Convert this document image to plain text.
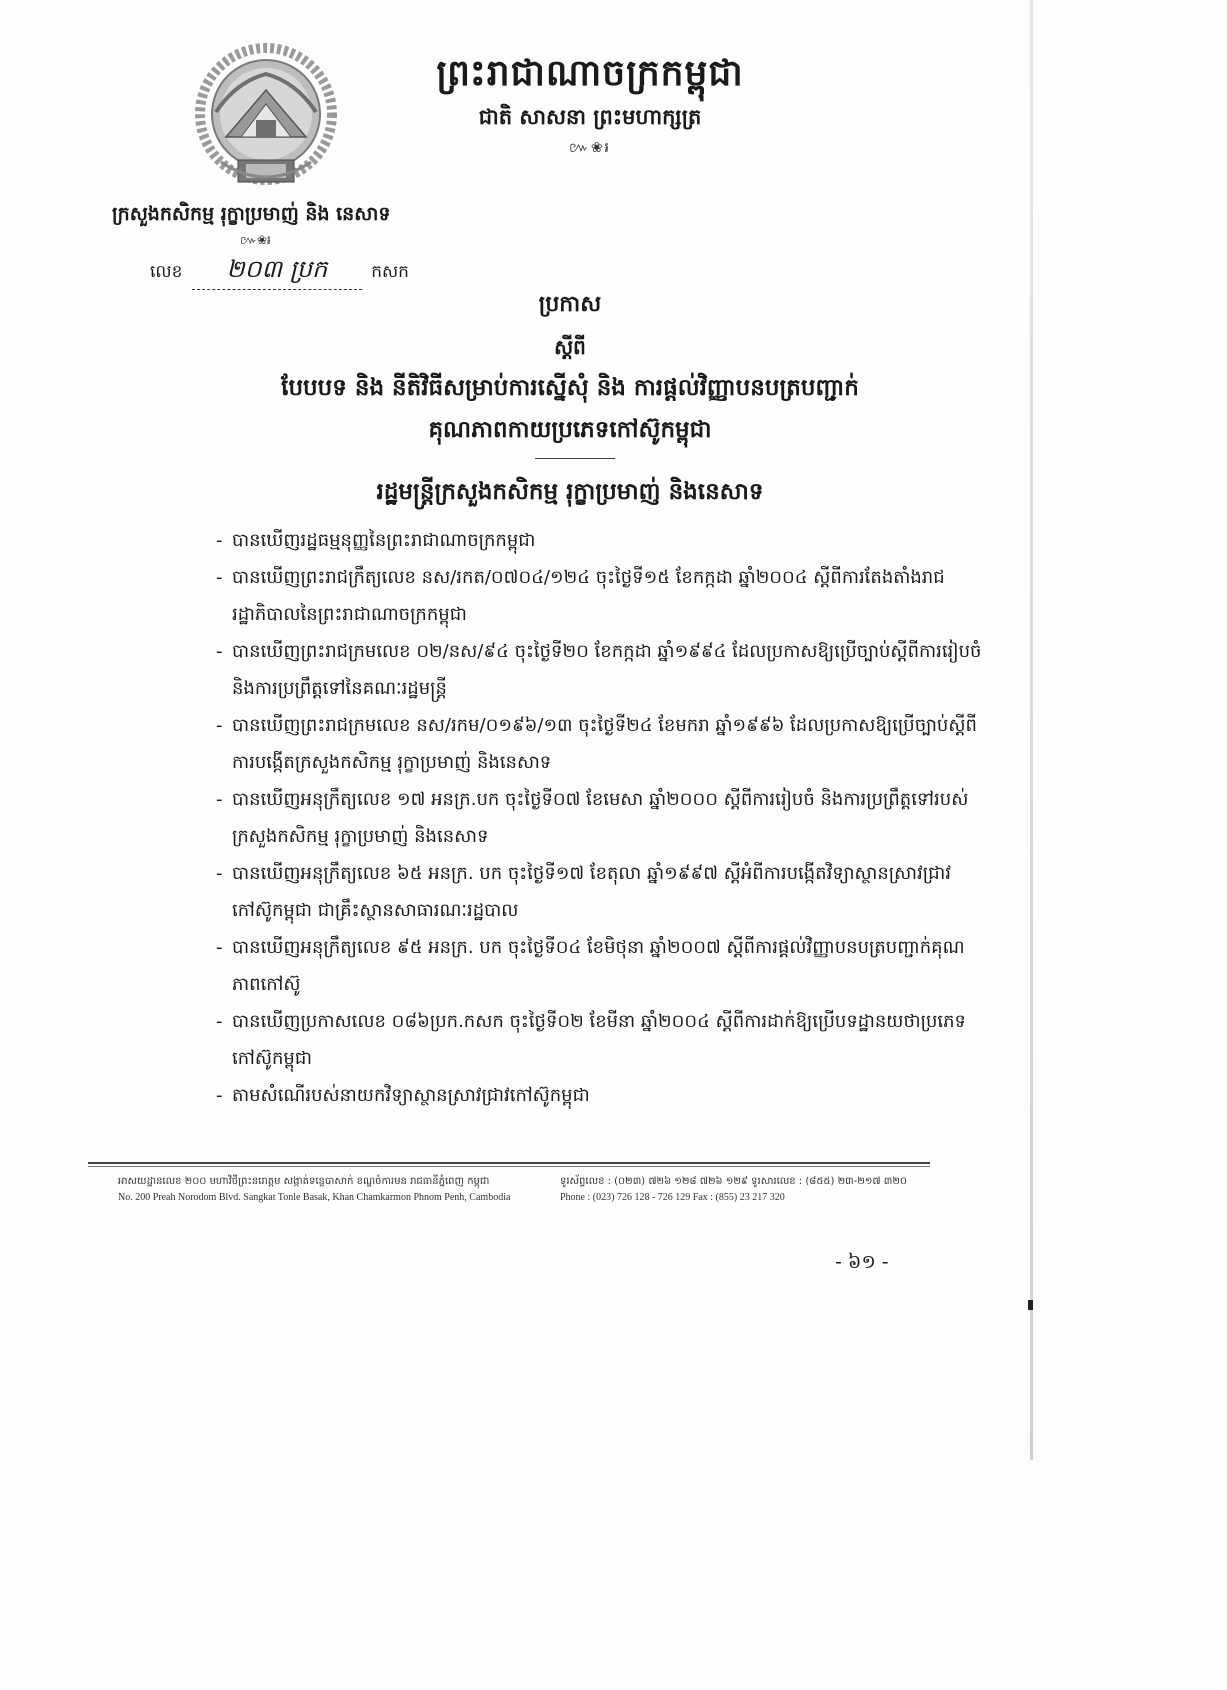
ព្រះរាជាណាចក្រកម្ពុជា
ជាតិ សាសនា ព្រះមហាក្សត្រ
៚❀៛
ក្រសួងកសិកម្ម រុក្ខាប្រមាញ់ និង នេសាទ
៚❀៛
លេខ ២០៣ ប្រក	កសក
ប្រកាស
ស្តីពី
បែបបទ និង នីតិវិធីសម្រាប់ការស្នើសុំ និង ការផ្តល់វិញ្ញាបនបត្របញ្ជាក់
គុណភាពកាយប្រភេទកៅស៊ូកម្ពុជា
រដ្ឋមន្ត្រីក្រសួងកសិកម្ម រុក្ខាប្រមាញ់ និងនេសាទ
- បានឃើញរដ្ឋធម្មនុញ្ញនៃព្រះរាជាណាចក្រកម្ពុជា
- បានឃើញព្រះរាជក្រឹត្យលេខ នស/រកត/០៧០៤/១២៤ ចុះថ្ងៃទី១៥ ខែកក្កដា ឆ្នាំ២០០៤ ស្តីពីការតែងតាំងរាជរដ្ឋាភិបាលនៃព្រះរាជាណាចក្រកម្ពុជា
- បានឃើញព្រះរាជក្រមលេខ ០២/នស/៩៤ ចុះថ្ងៃទី២០ ខែកក្កដា ឆ្នាំ១៩៩៤ ដែលប្រកាសឱ្យប្រើច្បាប់ស្តីពីការរៀបចំ និងការប្រព្រឹត្តទៅនៃគណៈរដ្ឋមន្ត្រី
- បានឃើញព្រះរាជក្រមលេខ នស/រកម/០១៩៦/១៣ ចុះថ្ងៃទី២៤ ខែមករា ឆ្នាំ១៩៩៦ ដែលប្រកាសឱ្យប្រើច្បាប់ស្តីពីការបង្កើតក្រសួងកសិកម្ម រុក្ខាប្រមាញ់ និងនេសាទ
- បានឃើញអនុក្រឹត្យលេខ ១៧ អនក្រ.បក ចុះថ្ងៃទី០៧ ខែមេសា ឆ្នាំ២០០០ ស្តីពីការរៀបចំ និងការប្រព្រឹត្តទៅរបស់ក្រសួងកសិកម្ម រុក្ខាប្រមាញ់ និងនេសាទ
- បានឃើញអនុក្រឹត្យលេខ ៦៥ អនក្រ. បក ចុះថ្ងៃទី១៧ ខែតុលា ឆ្នាំ១៩៩៧ ស្តីអំពីការបង្កើតវិទ្យាស្ថានស្រាវជ្រាវកៅស៊ូកម្ពុជា ជាគ្រឹះស្ថានសាធារណៈរដ្ឋបាល
- បានឃើញអនុក្រឹត្យលេខ ៩៥ អនក្រ. បក ចុះថ្ងៃទី០៤ ខែមិថុនា ឆ្នាំ២០០៧ ស្តីពីការផ្តល់វិញ្ញាបនបត្របញ្ជាក់គុណភាពកៅស៊ូ
- បានឃើញប្រកាសលេខ ០៨៦ប្រក.កសក ចុះថ្ងៃទី០២ ខែមីនា ឆ្នាំ២០០៤ ស្តីពីការដាក់ឱ្យប្រើបទដ្ឋានយថាប្រភេទកៅស៊ូកម្ពុជា
- តាមសំណើរបស់នាយកវិទ្យាស្ថានស្រាវជ្រាវកៅស៊ូកម្ពុជា
អាសយដ្ឋានលេខ ២០០ មហាវិថីព្រះនរោត្តម សង្កាត់ទន្លេបាសាក់ ខណ្ឌចំការមន រាជធានីភ្នំពេញ កម្ពុជា
No. 200 Preah Norodom Blvd. Sangkat Tonle Basak, Khan Chamkarmon Phnom Penh, Cambodia
ទូរស័ព្ទលេខ : (០២៣) ៧២៦ ១២៨ ៧២៦ ១២៩ ទូរសារលេខ : (៨៥៥) ២៣-២១៧ ៣២០
Phone : (023) 726 128 - 726 129 Fax : (855) 23 217 320
- ៦១ -
